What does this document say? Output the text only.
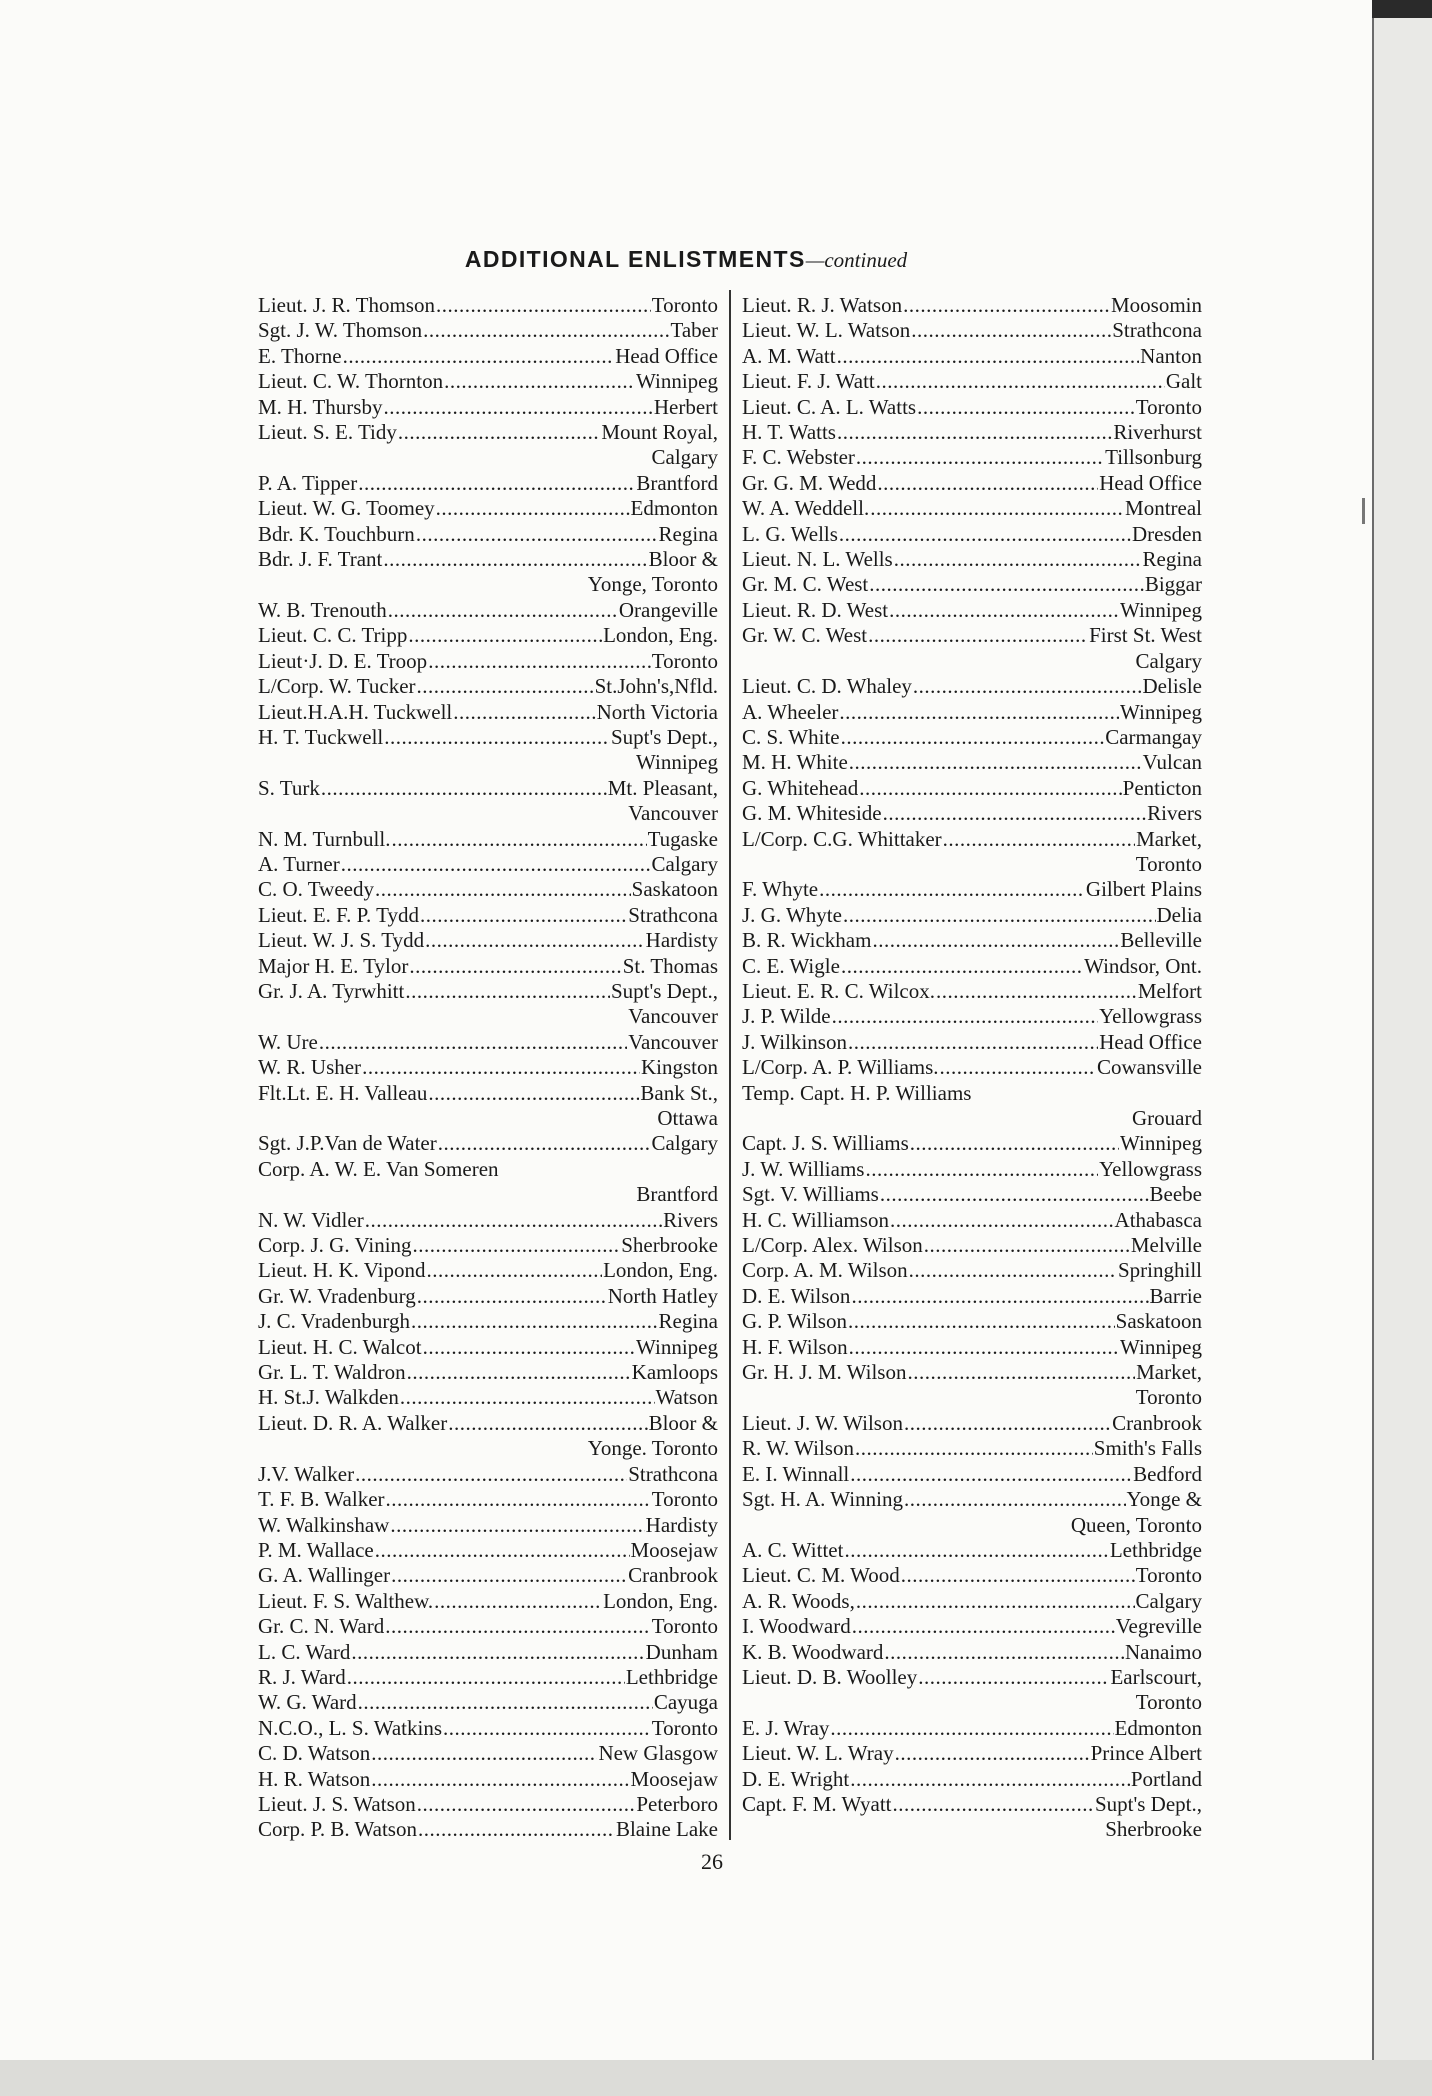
ADDITIONAL ENLISTMENTS—continued
Lieut. J. R. Thomson .....	Toronto
Sgt. J. W. Thomson .....	Taber
E. Thorne .....	Head Office
Lieut. C. W. Thornton .....	Winnipeg
M. H. Thursby .....	Herbert
Lieut. S. E. Tidy .....	Mount Royal,
Calgary
P. A. Tipper .....	Brantford
Lieut. W. G. Toomey .....	Edmonton
Bdr. K. Touchburn .....	Regina
Bdr. J. F. Trant .....	Bloor &
Yonge, Toronto
W. B. Trenouth .....	Orangeville
Lieut. C. C. Tripp .....	London, Eng.
Lieut·J. D. E. Troop .....	Toronto
L/Corp. W. Tucker .....	St.John's,Nfld.
Lieut.H.A.H. Tuckwell .....	North Victoria
H. T. Tuckwell .....	Supt's Dept.,
Winnipeg
S. Turk .....	Mt. Pleasant,
Vancouver
N. M. Turnbull. .....	Tugaske
A. Turner .....	Calgary
C. O. Tweedy .....	Saskatoon
Lieut. E. F. P. Tydd .....	Strathcona
Lieut. W. J. S. Tydd .....	Hardisty
Major H. E. Tylor .....	St. Thomas
Gr. J. A. Tyrwhitt .....	Supt's Dept.,
Vancouver
W. Ure .....	Vancouver
W. R. Usher .....	Kingston
Flt.Lt. E. H. Valleau .....	Bank St.,
Ottawa
Sgt. J.P.Van de Water .....	Calgary
Corp. A. W. E. Van Someren
Brantford
N. W. Vidler .....	Rivers
Corp. J. G. Vining .....	Sherbrooke
Lieut. H. K. Vipond .....	London, Eng.
Gr. W. Vradenburg .....	North Hatley
J. C. Vradenburgh .....	Regina
Lieut. H. C. Walcot .....	Winnipeg
Gr. L. T. Waldron .....	Kamloops
H. St.J. Walkden .....	Watson
Lieut. D. R. A. Walker .....	Bloor &
Yonge. Toronto
J.V. Walker .....	Strathcona
T. F. B. Walker .....	Toronto
W. Walkinshaw .....	Hardisty
P. M. Wallace .....	Moosejaw
G. A. Wallinger .....	Cranbrook
Lieut. F. S. Walthew. .....	London, Eng.
Gr. C. N. Ward .....	Toronto
L. C. Ward .....	Dunham
R. J. Ward .....	Lethbridge
W. G. Ward .....	Cayuga
N.C.O., L. S. Watkins .....	Toronto
C. D. Watson .....	New Glasgow
H. R. Watson .....	Moosejaw
Lieut. J. S. Watson .....	Peterboro
Corp. P. B. Watson .....	Blaine Lake
Lieut. R. J. Watson .....	Moosomin
Lieut. W. L. Watson .....	Strathcona
A. M. Watt .....	Nanton
Lieut. F. J. Watt .....	Galt
Lieut. C. A. L. Watts .....	Toronto
H. T. Watts .....	Riverhurst
F. C. Webster .....	Tillsonburg
Gr. G. M. Wedd .....	Head Office
W. A. Weddell. .....	Montreal
L. G. Wells .....	Dresden
Lieut. N. L. Wells .....	Regina
Gr. M. C. West .....	Biggar
Lieut. R. D. West .....	Winnipeg
Gr. W. C. West .....	First St. West
Calgary
Lieut. C. D. Whaley .....	Delisle
A. Wheeler .....	Winnipeg
C. S. White .....	Carmangay
M. H. White .....	Vulcan
G. Whitehead .....	Penticton
G. M. Whiteside .....	Rivers
L/Corp. C.G. Whittaker .....	Market,
Toronto
F. Whyte .....	Gilbert Plains
J. G. Whyte .....	Delia
B. R. Wickham .....	Belleville
C. E. Wigle .....	Windsor, Ont.
Lieut. E. R. C. Wilcox. .....	Melfort
J. P. Wilde .....	Yellowgrass
J. Wilkinson .....	Head Office
L/Corp. A. P. Williams. .....	Cowansville
Temp. Capt. H. P. Williams
Grouard
Capt. J. S. Williams .....	Winnipeg
J. W. Williams .....	Yellowgrass
Sgt. V. Williams .....	Beebe
H. C. Williamson .....	Athabasca
L/Corp. Alex. Wilson .....	Melville
Corp. A. M. Wilson .....	Springhill
D. E. Wilson .....	Barrie
G. P. Wilson .....	Saskatoon
H. F. Wilson .....	Winnipeg
Gr. H. J. M. Wilson .....	Market,
Toronto
Lieut. J. W. Wilson .....	Cranbrook
R. W. Wilson .....	Smith's Falls
E. I. Winnall .....	Bedford
Sgt. H. A. Winning .....	Yonge &
Queen, Toronto
A. C. Wittet .....	Lethbridge
Lieut. C. M. Wood .....	Toronto
A. R. Woods, .....	Calgary
I. Woodward .....	Vegreville
K. B. Woodward .....	Nanaimo
Lieut. D. B. Woolley .....	Earlscourt,
Toronto
E. J. Wray .....	Edmonton
Lieut. W. L. Wray .....	Prince Albert
D. E. Wright .....	Portland
Capt. F. M. Wyatt .....	Supt's Dept.,
Sherbrooke
26
